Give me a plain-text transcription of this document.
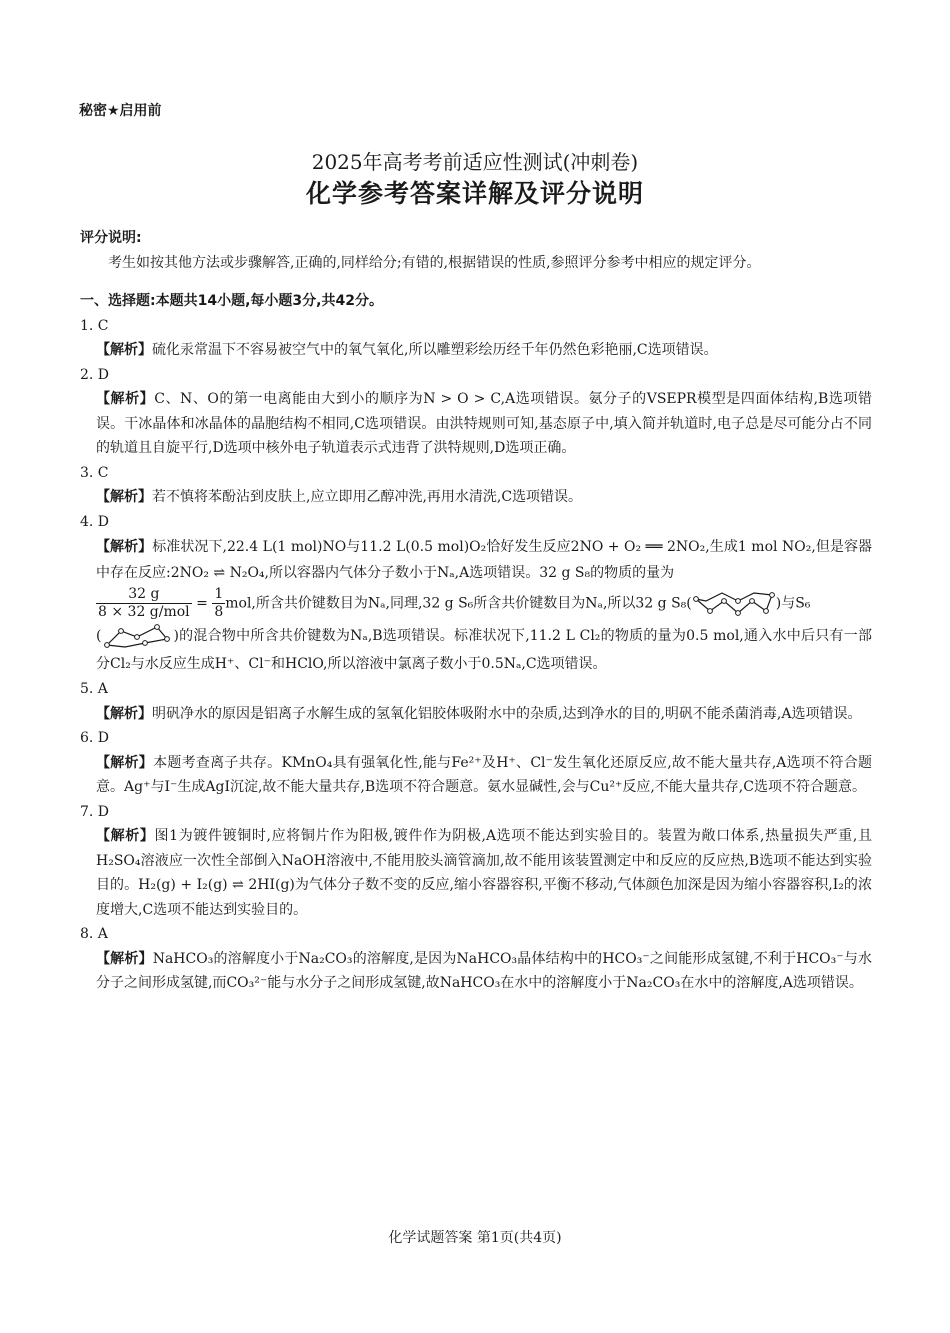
秘密★启用前
2025年高考考前适应性测试(冲刺卷)
化学参考答案详解及评分说明

评分说明:

考生如按其他方法或步骤解答,正确的,同样给分;有错的,根据错误的性质,参照评分参考中相应的规定评分。

一、选择题:本题共14小题,每小题3分,共42分。

1. C

【解析】硫化汞常温下不容易被空气中的氧气氧化,所以雕塑彩绘历经千年仍然色彩艳丽,C选项错误。

2. D

【解析】C、N、O的第一电离能由大到小的顺序为N > O > C,A选项错误。氨分子的VSEPR模型是四面体结构,B选项错误。干冰晶体和冰晶体的晶胞结构不相同,C选项错误。由洪特规则可知,基态原子中,填入简并轨道时,电子总是尽可能分占不同的轨道且自旋平行,D选项中核外电子轨道表示式违背了洪特规则,D选项正确。

3. C

【解析】若不慎将苯酚沾到皮肤上,应立即用乙醇冲洗,再用水清洗,C选项错误。

4. D

【解析】标准状况下,22.4 L(1 mol)NO与11.2 L(0.5 mol)O₂恰好发生反应2NO + O₂ ══ 2NO₂,生成1 mol NO₂,但是容器中存在反应:2NO₂ ⇌ N₂O₄,所以容器内气体分子数小于Nₐ,A选项错误。32 g S₈的物质的量为

32 g
8 × 32 g/mol
= $\frac{1}{8}$ mol,所含共价键数目为Nₐ,同理,32 g S₆所含共价键数目为Nₐ,所以32 g S₈(	)与S₆
(	)的混合物中所含共价键数为Nₐ,B选项错误。标准状况下,11.2 L Cl₂的物质的量为0.5 mol,通入水中后只有一部分Cl₂与水反应生成H⁺、Cl⁻和HClO,所以溶液中氯离子数小于0.5Nₐ,C选项错误。

5. A

【解析】明矾净水的原因是铝离子水解生成的氢氧化铝胶体吸附水中的杂质,达到净水的目的,明矾不能杀菌消毒,A选项错误。

6. D

【解析】本题考查离子共存。KMnO₄具有强氧化性,能与Fe²⁺及H⁺、Cl⁻发生氧化还原反应,故不能大量共存,A选项不符合题意。Ag⁺与I⁻生成AgI沉淀,故不能大量共存,B选项不符合题意。氨水显碱性,会与Cu²⁺反应,不能大量共存,C选项不符合题意。

7. D

【解析】图1为镀件镀铜时,应将铜片作为阳极,镀件作为阴极,A选项不能达到实验目的。装置为敞口体系,热量损失严重,且H₂SO₄溶液应一次性全部倒入NaOH溶液中,不能用胶头滴管滴加,故不能用该装置测定中和反应的反应热,B选项不能达到实验目的。H₂(g) + I₂(g) ⇌ 2HI(g)为气体分子数不变的反应,缩小容器容积,平衡不移动,气体颜色加深是因为缩小容器容积,I₂的浓度增大,C选项不能达到实验目的。

8. A

【解析】NaHCO₃的溶解度小于Na₂CO₃的溶解度,是因为NaHCO₃晶体结构中的HCO₃⁻之间能形成氢键,不利于HCO₃⁻与水分子之间形成氢键,而CO₃²⁻能与水分子之间形成氢键,故NaHCO₃在水中的溶解度小于Na₂CO₃在水中的溶解度,A选项错误。

化学试题答案 第1页(共4页)
